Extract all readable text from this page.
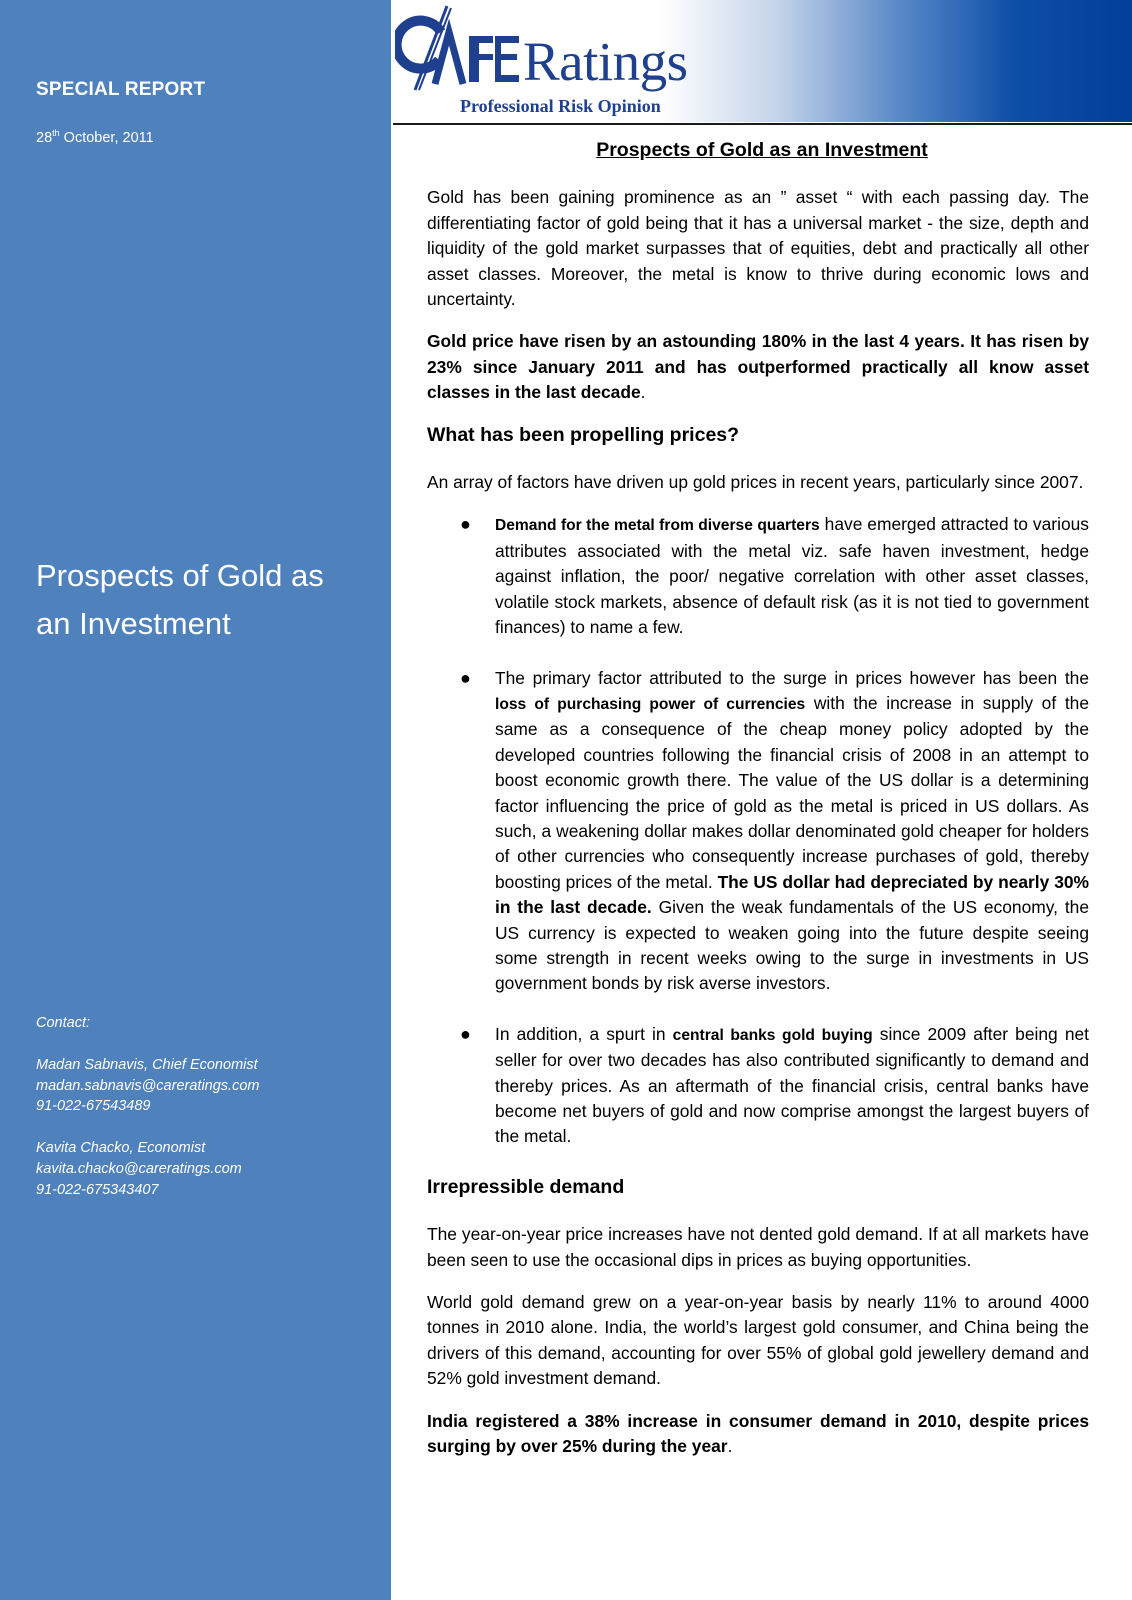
SPECIAL REPORT
28th October, 2011
Prospects of Gold as an Investment
Contact:
Madan Sabnavis, Chief Economist
madan.sabnavis@careratings.com
91-022-67543489
Kavita Chacko, Economist
kavita.chacko@careratings.com
91-022-675343407
CARE
Ratings
Professional Risk Opinion
Prospects of Gold as an Investment

Gold has been gaining prominence as an ” asset “ with each passing day. The differentiating factor of gold being that it has a universal market - the size, depth and liquidity of the gold market surpasses that of equities, debt and practically all other asset classes. Moreover, the metal is know to thrive during economic lows and uncertainty.

Gold price have risen by an astounding 180% in the last 4 years. It has risen by 23% since January 2011 and has outperformed practically all know asset classes in the last decade.

What has been propelling prices?

An array of factors have driven up gold prices in recent years, particularly since 2007.

● Demand for the metal from diverse quarters have emerged attracted to various attributes associated with the metal viz. safe haven investment, hedge against inflation, the poor/ negative correlation with other asset classes, volatile stock markets, absence of default risk (as it is not tied to government finances) to name a few.
● The primary factor attributed to the surge in prices however has been the loss of purchasing power of currencies with the increase in supply of the same as a consequence of the cheap money policy adopted by the developed countries following the financial crisis of 2008 in an attempt to boost economic growth there. The value of the US dollar is a determining factor influencing the price of gold as the metal is priced in US dollars. As such, a weakening dollar makes dollar denominated gold cheaper for holders of other currencies who consequently increase purchases of gold, thereby boosting prices of the metal. The US dollar had depreciated by nearly 30% in the last decade. Given the weak fundamentals of the US economy, the US currency is expected to weaken going into the future despite seeing some strength in recent weeks owing to the surge in investments in US government bonds by risk averse investors.
● In addition, a spurt in central banks gold buying since 2009 after being net seller for over two decades has also contributed significantly to demand and thereby prices. As an aftermath of the financial crisis, central banks have become net buyers of gold and now comprise amongst the largest buyers of the metal.
Irrepressible demand

The year-on-year price increases have not dented gold demand. If at all markets have been seen to use the occasional dips in prices as buying opportunities.

World gold demand grew on a year-on-year basis by nearly 11% to around 4000 tonnes in 2010 alone. India, the world’s largest gold consumer, and China being the drivers of this demand, accounting for over 55% of global gold jewellery demand and 52% gold investment demand.

India registered a 38% increase in consumer demand in 2010, despite prices surging by over 25% during the year.
